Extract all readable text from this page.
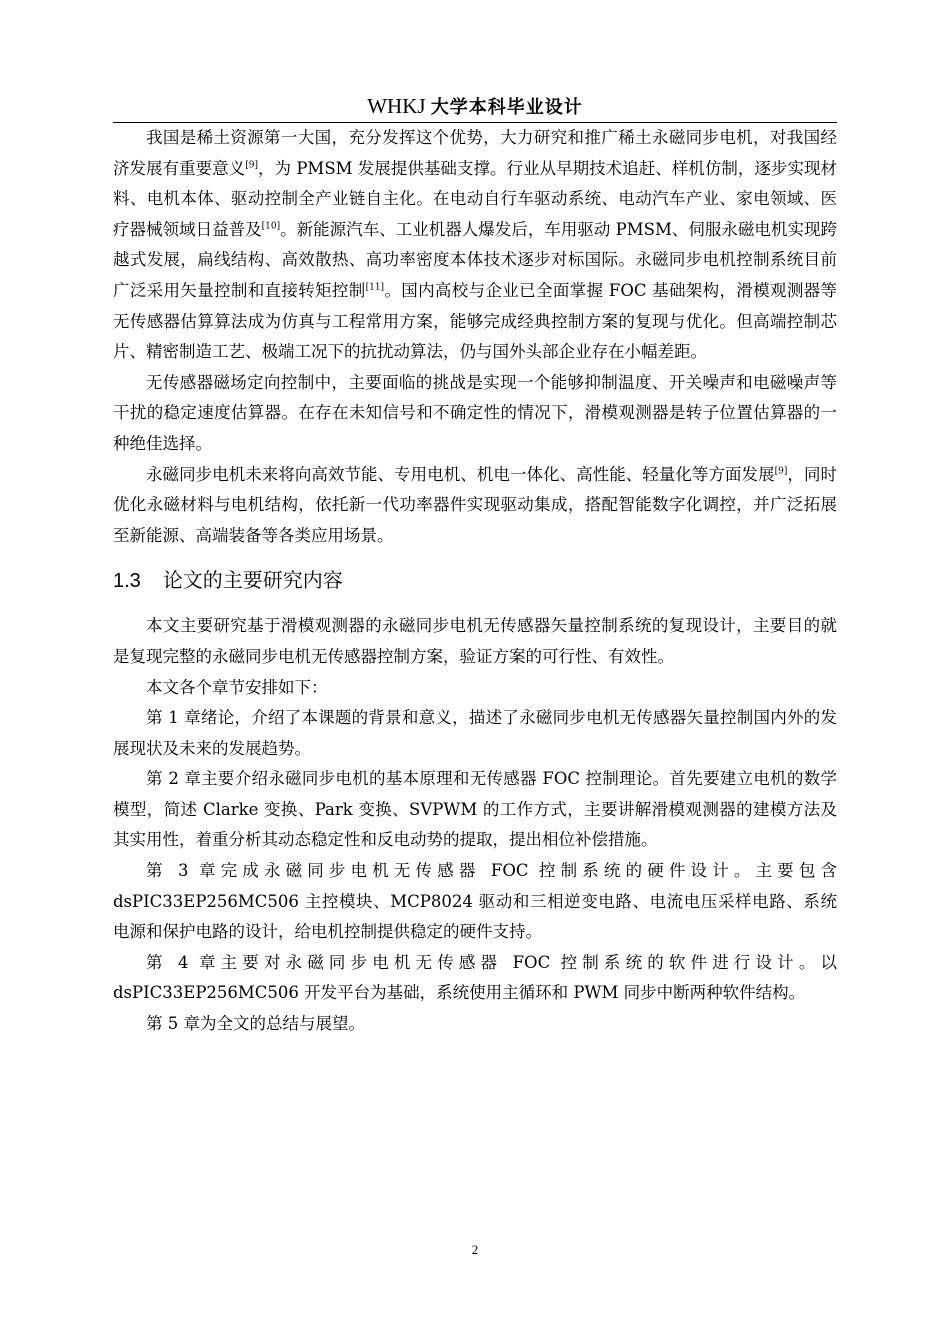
WHKJ 大学本科毕业设计

我国是稀土资源第一大国，充分发挥这个优势，大力研究和推广稀土永磁同步电机，对我国经济发展有重要意义[9]，为 PMSM 发展提供基础支撑。行业从早期技术追赶、样机仿制，逐步实现材料、电机本体、驱动控制全产业链自主化。在电动自行车驱动系统、电动汽车产业、家电领域、医疗器械领域日益普及[10]。新能源汽车、工业机器人爆发后，车用驱动 PMSM、伺服永磁电机实现跨越式发展，扁线结构、高效散热、高功率密度本体技术逐步对标国际。永磁同步电机控制系统目前广泛采用矢量控制和直接转矩控制[11]。国内高校与企业已全面掌握 FOC 基础架构，滑模观测器等无传感器估算算法成为仿真与工程常用方案，能够完成经典控制方案的复现与优化。但高端控制芯片、精密制造工艺、极端工况下的抗扰动算法，仍与国外头部企业存在小幅差距。

无传感器磁场定向控制中，主要面临的挑战是实现一个能够抑制温度、开关噪声和电磁噪声等干扰的稳定速度估算器。在存在未知信号和不确定性的情况下，滑模观测器是转子位置估算器的一种绝佳选择。

永磁同步电机未来将向高效节能、专用电机、机电一体化、高性能、轻量化等方面发展[9]，同时优化永磁材料与电机结构，依托新一代功率器件实现驱动集成，搭配智能数字化调控，并广泛拓展至新能源、高端装备等各类应用场景。

1.3 论文的主要研究内容

本文主要研究基于滑模观测器的永磁同步电机无传感器矢量控制系统的复现设计，主要目的就是复现完整的永磁同步电机无传感器控制方案，验证方案的可行性、有效性。

本文各个章节安排如下：

第 1 章绪论，介绍了本课题的背景和意义，描述了永磁同步电机无传感器矢量控制国内外的发展现状及未来的发展趋势。

第 2 章主要介绍永磁同步电机的基本原理和无传感器 FOC 控制理论。首先要建立电机的数学模型，简述 Clarke 变换、Park 变换、SVPWM 的工作方式，主要讲解滑模观测器的建模方法及其实用性，着重分析其动态稳定性和反电动势的提取，提出相位补偿措施。

第 3 章完成永磁同步电机无传感器 FOC 控制系统的硬件设计。主要包含 dsPIC33EP256MC506 主控模块、MCP8024 驱动和三相逆变电路、电流电压采样电路、系统电源和保护电路的设计，给电机控制提供稳定的硬件支持。

第 4 章主要对永磁同步电机无传感器 FOC 控制系统的软件进行设计。以 dsPIC33EP256MC506 开发平台为基础，系统使用主循环和 PWM 同步中断两种软件结构。

第 5 章为全文的总结与展望。

2
